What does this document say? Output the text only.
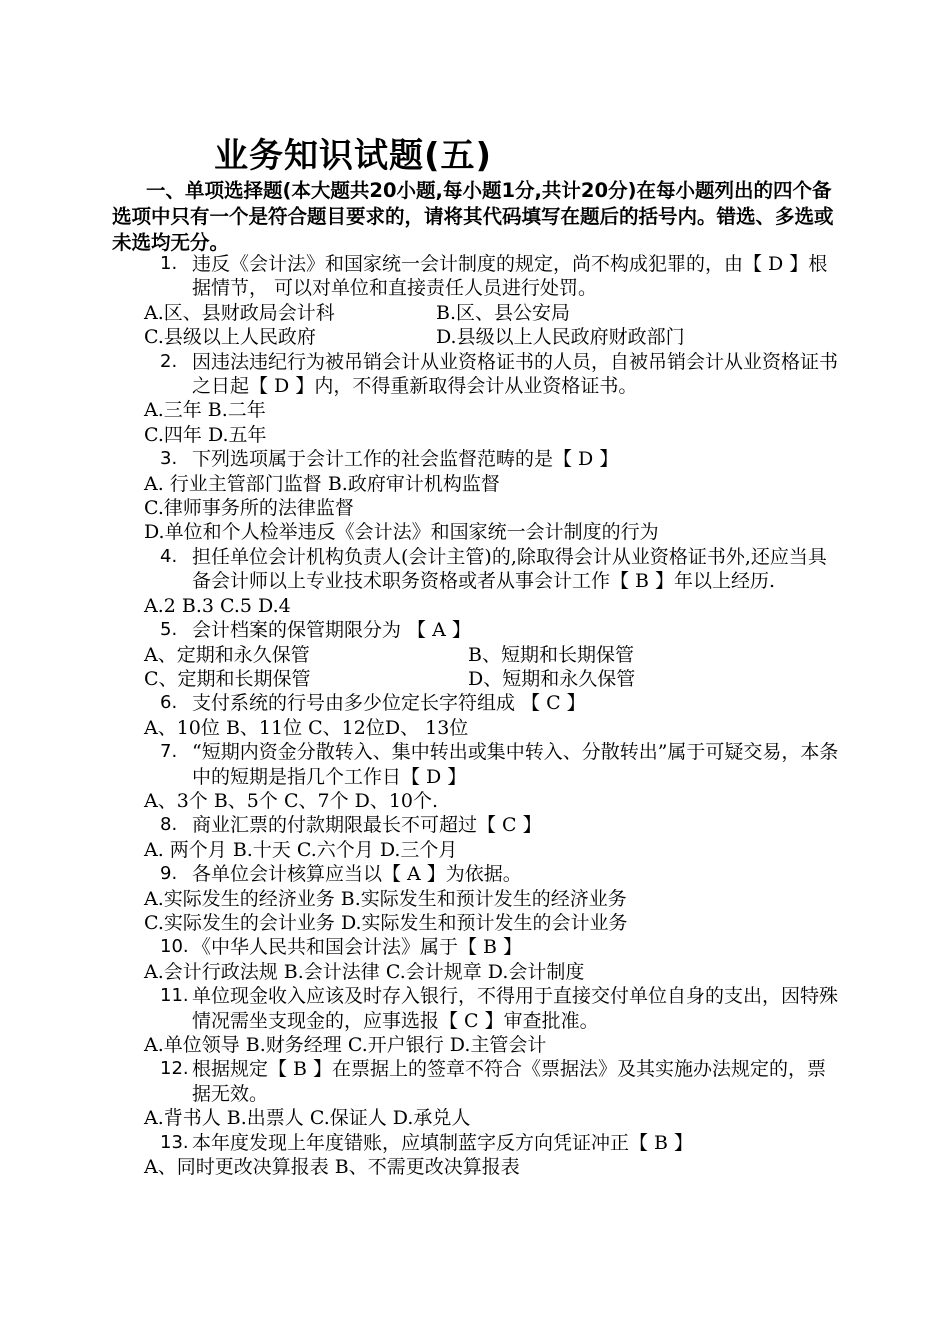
业务知识试题(五)
一、单项选择题(本大题共20小题,每小题1分,共计20分)在每小题列出的四个备选项中只有一个是符合题目要求的，请将其代码填写在题后的括号内。错选、多选或未选均无分。
1. 违反《会计法》和国家统一会计制度的规定，尚不构成犯罪的，由【 D 】根据情节， 可以对单位和直接责任人员进行处罚。
A.区、县财政局会计科	B.区、县公安局
C.县级以上人民政府	D.县级以上人民政府财政部门
2. 因违法违纪行为被吊销会计从业资格证书的人员，自被吊销会计从业资格证书之日起【 D 】内，不得重新取得会计从业资格证书。
A.三年 B.二年
C.四年 D.五年
3. 下列选项属于会计工作的社会监督范畴的是【 D 】
A. 行业主管部门监督 B.政府审计机构监督
C.律师事务所的法律监督
D.单位和个人检举违反《会计法》和国家统一会计制度的行为
4. 担任单位会计机构负责人(会计主管)的,除取得会计从业资格证书外,还应当具备会计师以上专业技术职务资格或者从事会计工作【 B 】年以上经历.
A.2 B.3 C.5 D.4
5. 会计档案的保管期限分为 【 A 】
A、定期和永久保管	B、短期和长期保管
C、定期和长期保管	D、短期和永久保管
6. 支付系统的行号由多少位定长字符组成 【 C 】
A、10位 B、11位 C、12位D、 13位
7. “短期内资金分散转入、集中转出或集中转入、分散转出”属于可疑交易，本条中的短期是指几个工作日【 D 】
A、3个 B、5个 C、7个 D、10个.
8. 商业汇票的付款期限最长不可超过【 C 】
A. 两个月 B.十天 C.六个月 D.三个月
9. 各单位会计核算应当以【 A 】为依据。
A.实际发生的经济业务 B.实际发生和预计发生的经济业务
C.实际发生的会计业务 D.实际发生和预计发生的会计业务
10. 《中华人民共和国会计法》属于【 B 】
A.会计行政法规 B.会计法律 C.会计规章 D.会计制度
11. 单位现金收入应该及时存入银行，不得用于直接交付单位自身的支出，因特殊情况需坐支现金的，应事选报【 C 】审查批准。
A.单位领导 B.财务经理 C.开户银行 D.主管会计
12. 根据规定【 B 】在票据上的签章不符合《票据法》及其实施办法规定的，票据无效。
A.背书人 B.出票人 C.保证人 D.承兑人
13. 本年度发现上年度错账，应填制蓝字反方向凭证冲正【 B 】
A、同时更改决算报表 B、不需更改决算报表
